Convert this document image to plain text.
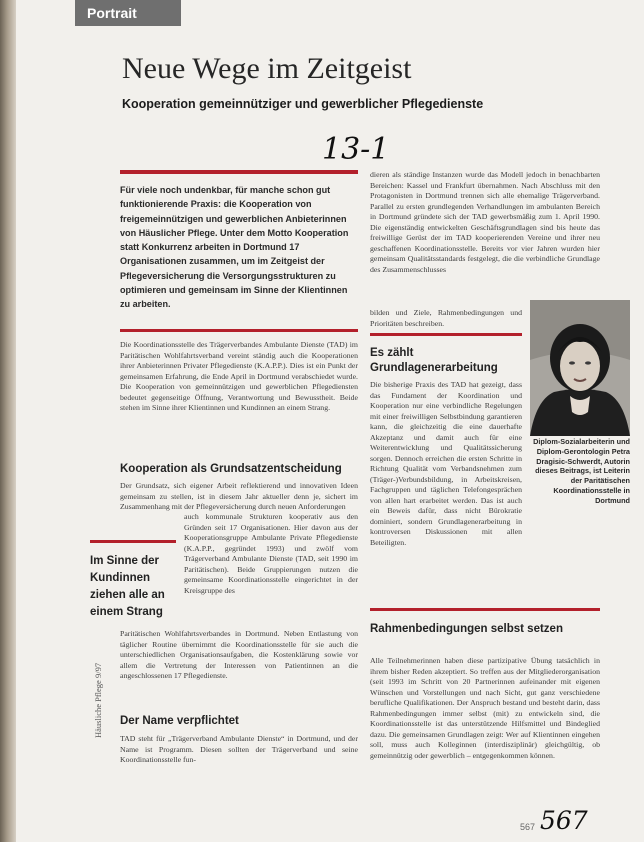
Portrait
Neue Wege im Zeitgeist
Kooperation gemeinnütziger und gewerblicher Pflegedienste
13-1
Für viele noch undenkbar, für manche schon gut funktionierende Praxis: die Kooperation von freigemeinnützigen und gewerblichen Anbieterinnen von Häuslicher Pflege. Unter dem Motto Kooperation statt Konkurrenz arbeiten in Dortmund 17 Organisationen zusammen, um im Zeitgeist der Pflegeversicherung die Versorgungsstrukturen zu optimieren und gemeinsam im Sinne der Klientinnen zu arbeiten.
Die Koordinationsstelle des Trägerverbandes Ambulante Dienste (TAD) im Paritätischen Wohlfahrtsverband vereint ständig auch die Kooperationen ihrer Anbieterinnen Privater Pflegedienste (K.A.P.P.). Dies ist ein Punkt der gemeinsamen Erfahrung, die Ende April in Dortmund verabschiedet wurde. Die Kooperation von gemeinnützigen und gewerblichen Pflegediensten bedeutet gegenseitige Öffnung, Verantwortung und Bewusstheit. Beide stehen im Sinne ihrer Klientinnen und Kundinnen an einem Strang.
Kooperation als Grundsatzentscheidung
Der Grundsatz, sich eigener Arbeit reflektierend und innovativen Ideen gemeinsam zu stellen, ist in diesem Jahr aktueller denn je, sichert im Zusammenhang mit der Pflegeversicherung durch neuen Anforderungen
Im Sinne der Kundinnen ziehen alle an einem Strang
auch kommunale Strukturen kooperativ aus den Gründen seit 17 Organisationen. Hier davon aus der Kooperationsgruppe Ambulante Private Pflegedienste (K.A.P.P., gegründet 1993) und zwölf vom Trägerverband Ambulante Dienste (TAD, seit 1990 im Paritätischen). Beide Gruppierungen nutzen die gemeinsame Koordinationsstelle eingerichtet in der Kreisgruppe des
Paritätischen Wohlfahrtsverbandes in Dortmund. Neben Entlastung von täglicher Routine übernimmt die Koordinationsstelle für sie auch die unterschiedlichen Organisationsaufgaben, die Kostenklärung sowie vor allem die Vertretung der Interessen von Patientinnen an die angeschlossenen 17 Pflegedienste.
Der Name verpflichtet
TAD steht für „Trägerverband Ambulante Dienste“ in Dortmund, und der Name ist Programm. Diesen sollten der Trägerverband und seine Koordinationsstelle fun-
dieren als ständige Instanzen wurde das Modell jedoch in benachbarten Bereichen: Kassel und Frankfurt übernahmen. Nach Abschluss mit den Protagonisten in Dortmund trennen sich alle ehemalige Trägerverband. Parallel zu ersten grundlegenden Verhandlungen im ambulanten Bereich in Dortmund gründete sich der TAD gewerbsmäßig zum 1. April 1990. Die eigenständig entwickelten Geschäftsgrundlagen sind bis heute das freiwillige Gerüst der im TAD kooperierenden Vereine und ihrer neu geschaffenen Koordinationsstelle. Bereits vor vier Jahren wurden hier gemeinsam Qualitätsstandards festgelegt, die die verbindliche Grundlage des Zusammenschlusses
bilden und Ziele, Rahmenbedingungen und Prioritäten beschreiben.
Es zählt Grundlagenerarbeitung
Die bisherige Praxis des TAD hat gezeigt, dass das Fundament der Koordination und Kooperation nur eine verbindliche Regelungen mit einer freiwilligen Selbstbindung garantieren kann, die gleichzeitig die eine dauerhafte Akzeptanz und damit auch für eine Weiterentwicklung und Qualitätssicherung sorgen. Dennoch erreichen die ersten Schritte in Richtung Qualität vom Verbandsnehmen zum (Träger-)Verbundsbildung, in Arbeitskreisen, Fachgruppen und täglichen Telefongesprächen von allen hart erarbeitet werden. Das ist auch ein Beweis dafür, dass nicht Bürokratie dominiert, sondern Grundlagenerarbeitung in kontroversen Diskussionen mit allen Beteiligten.
Diplom-Sozialarbeiterin und Diplom-Gerontologin Petra Dragisic-Schwerdt, Autorin dieses Beitrags, ist Leiterin der Paritätischen Koordinationsstelle in Dortmund
Rahmenbedingungen selbst setzen
Alle Teilnehmerinnen haben diese partizipative Übung tatsächlich in ihrem bisher Reden akzeptiert. So treffen aus der Mitgliederorganisation (seit 1993 im Schritt von 20 Partnerinnen aufeinander mit eigenen Wünschen und Vorstellungen und nach Sicht, gut ganz verschiedene berufliche Qualifikationen. Der Anspruch bestand und besteht darin, dass Rahmenbedingungen immer selbst (mit) zu entwickeln sind, die Koordinationsstelle ist das unterstützende Hilfsmittel und Bindeglied dazu. Die gemeinsamen Grundlagen zeigt: Wer auf Klientinnen eingehen soll, muss auch Kolleginnen (interdisziplinär) gleichgültig, ob gemeinnützig oder gewerblich – entgegenkommen können.
Häusliche Pflege 9/97
567 567
